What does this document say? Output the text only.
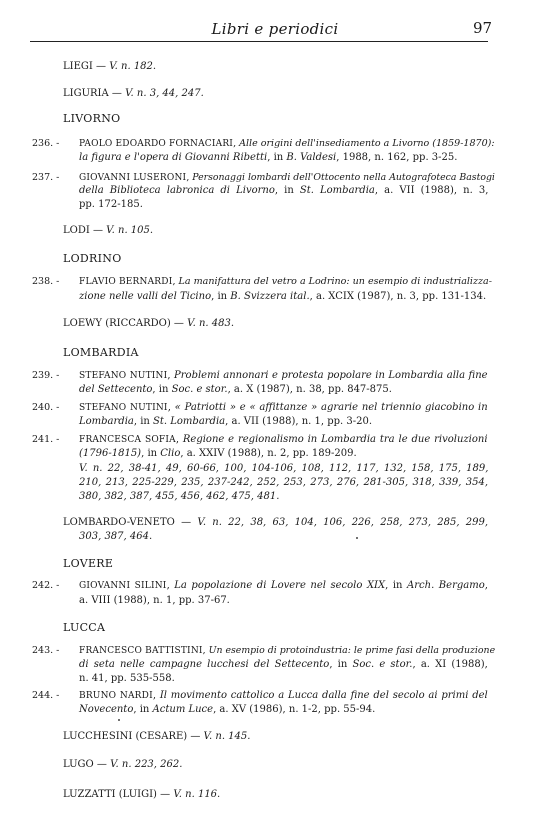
Libri e periodici	97
LIEGI — V. n. 182.
LIGURIA — V. n. 3, 44, 247.
LIVORNO
PAOLO EDOARDO FORNACIARI, Alle origini dell'insediamento a Livorno (1859-1870):
la figura e l'opera di Giovanni Ribetti, in B. Valdesi, 1988, n. 162, pp. 3-25.
GIOVANNI LUSERONI, Personaggi lombardi dell'Ottocento nella Autografoteca Bastogi
della Biblioteca labronica di Livorno, in St. Lombardia, a. VII (1988), n. 3,
pp. 172-185.
LODI — V. n. 105.
LODRINO
FLAVIO BERNARDI, La manifattura del vetro a Lodrino: un esempio di industrializza-
zione nelle valli del Ticino, in B. Svizzera ital., a. XCIX (1987), n. 3, pp. 131-134.
LOEWY (RICCARDO) — V. n. 483.
LOMBARDIA
STEFANO NUTINI, Problemi annonari e protesta popolare in Lombardia alla fine
del Settecento, in Soc. e stor., a. X (1987), n. 38, pp. 847-875.
STEFANO NUTINI, « Patriotti » e « affittanze » agrarie nel triennio giacobino in
Lombardia, in St. Lombardia, a. VII (1988), n. 1, pp. 3-20.
FRANCESCA SOFIA, Regione e regionalismo in Lombardia tra le due rivoluzioni
(1796-1815), in Clio, a. XXIV (1988), n. 2, pp. 189-209.
V. n. 22, 38-41, 49, 60-66, 100, 104-106, 108, 112, 117, 132, 158, 175, 189,
210, 213, 225-229, 235, 237-242, 252, 253, 273, 276, 281-305, 318, 339, 354,
380, 382, 387, 455, 456, 462, 475, 481.
LOMBARDO-VENETO — V. n. 22, 38, 63, 104, 106, 226, 258, 273, 285, 299,
303, 387, 464.
LOVERE
GIOVANNI SILINI, La popolazione di Lovere nel secolo XIX, in Arch. Bergamo,
a. VIII (1988), n. 1, pp. 37-67.
LUCCA
FRANCESCO BATTISTINI, Un esempio di protoindustria: le prime fasi della produzione
di seta nelle campagne lucchesi del Settecento, in Soc. e stor., a. XI (1988),
n. 41, pp. 535-558.
BRUNO NARDI, Il movimento cattolico a Lucca dalla fine del secolo ai primi del
Novecento, in Actum Luce, a. XV (1986), n. 1-2, pp. 55-94.
LUCCHESINI (CESARE) — V. n. 145.
LUGO — V. n. 223, 262.
LUZZATTI (LUIGI) — V. n. 116.
236. -
237. -
238. -
239. -
240. -
241. -
242. -
243. -
244. -
